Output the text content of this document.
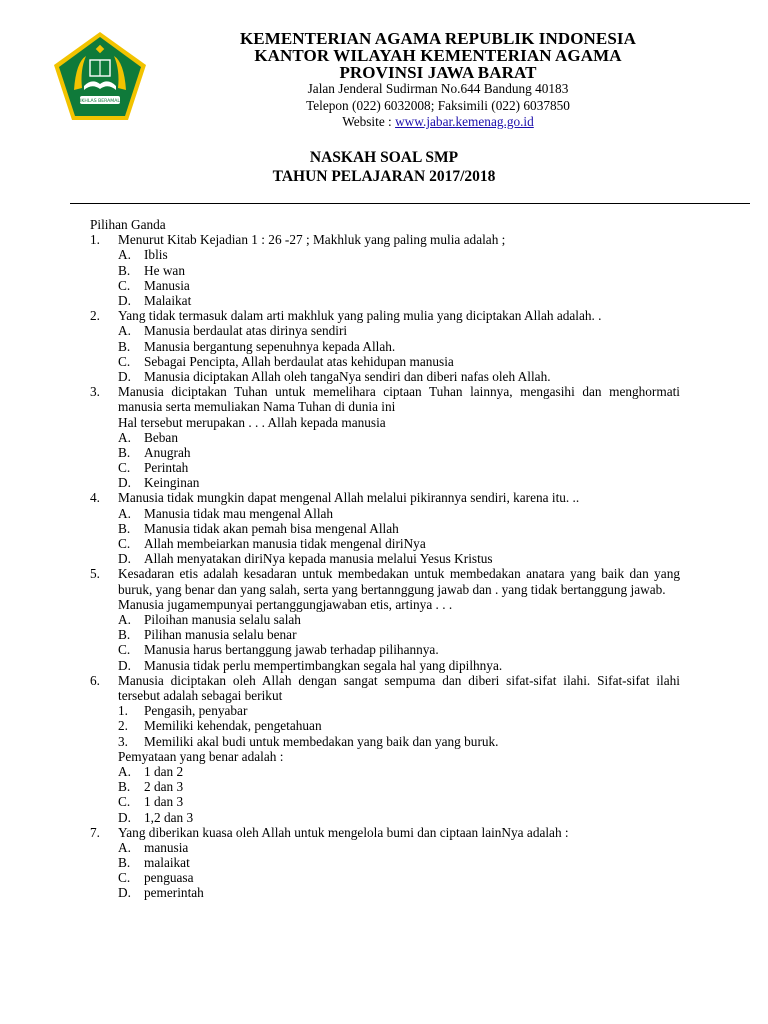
IKHLAS BERAMAL
KEMENTERIAN AGAMA REPUBLIK INDONESIA
KANTOR WILAYAH KEMENTERIAN AGAMA
PROVINSI JAWA BARAT
Jalan Jenderal Sudirman No.644 Bandung 40183
Telepon (022) 6032008; Faksimili (022) 6037850
Website : www.jabar.kemenag.go.id
NASKAH SOAL SMP
TAHUN PELAJARAN 2017/2018
Pilihan Ganda
1. Menurut Kitab Kejadian 1 : 26 -27 ; Makhluk yang paling mulia adalah ;
A. Iblis
B. He wan
C. Manusia
D. Malaikat
2. Yang tidak termasuk dalam arti makhluk yang paling mulia yang diciptakan Allah adalah. .
A. Manusia berdaulat atas dirinya sendiri
B. Manusia bergantung sepenuhnya kepada Allah.
C. Sebagai Pencipta, Allah berdaulat atas kehidupan manusia
D. Manusia diciptakan Allah oleh tangaNya sendiri dan diberi nafas oleh Allah.
3. Manusia diciptakan Tuhan untuk memelihara ciptaan Tuhan lainnya, mengasihi dan menghormati manusia serta memuliakan Nama Tuhan di dunia ini
Hal tersebut merupakan . . . Allah kepada manusia
A. Beban
B. Anugrah
C. Perintah
D. Keinginan
4. Manusia tidak mungkin dapat mengenal Allah melalui pikirannya sendiri, karena itu. ..
A. Manusia tidak mau mengenal Allah
B. Manusia tidak akan pemah bisa mengenal Allah
C. Allah membeiarkan manusia tidak mengenal diriNya
D. Allah menyatakan diriNya kepada manusia melalui Yesus Kristus
5. Kesadaran etis adalah kesadaran untuk membedakan untuk membedakan anatara yang baik dan yang buruk, yang benar dan yang salah, serta yang bertannggung jawab dan . yang tidak bertanggung jawab.
Manusia jugamempunyai pertanggungjawaban etis, artinya . . .
A. Piloihan manusia selalu salah
B. Pilihan manusia selalu benar
C. Manusia harus bertanggung jawab terhadap pilihannya.
D. Manusia tidak perlu mempertimbangkan segala hal yang dipilhnya.
6. Manusia diciptakan oleh Allah dengan sangat sempuma dan diberi sifat-sifat ilahi. Sifat-sifat ilahi tersebut adalah sebagai berikut
1. Pengasih, penyabar
2. Memiliki kehendak, pengetahuan
3. Memiliki akal budi untuk membedakan yang baik dan yang buruk.
Pemyataan yang benar adalah :
A. 1 dan 2
B. 2 dan 3
C. 1 dan 3
D. 1,2 dan 3
7. Yang diberikan kuasa oleh Allah untuk mengelola bumi dan ciptaan lainNya adalah :
A. manusia
B. malaikat
C. penguasa
D. pemerintah
